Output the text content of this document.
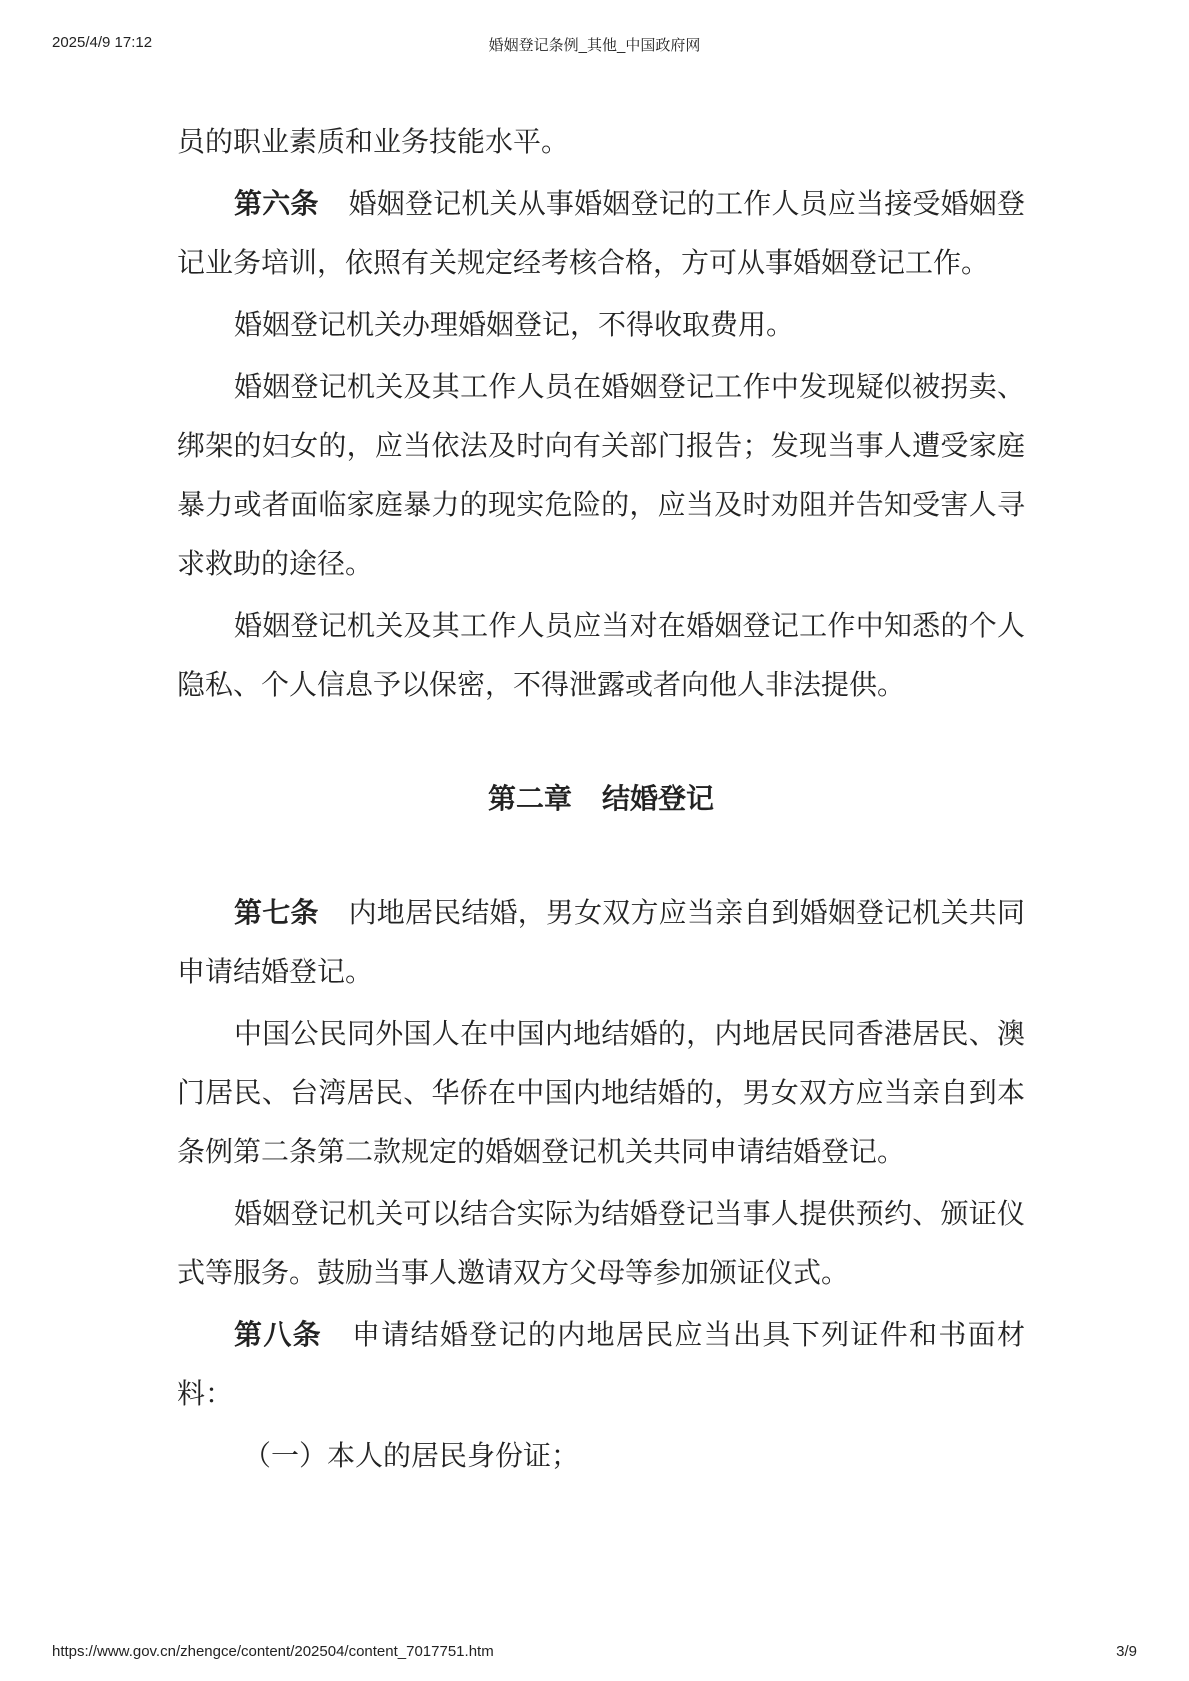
2025/4/9 17:12	婚姻登记条例_其他_中国政府网

员的职业素质和业务技能水平。

第六条 婚姻登记机关从事婚姻登记的工作人员应当接受婚姻登记业务培训，依照有关规定经考核合格，方可从事婚姻登记工作。

婚姻登记机关办理婚姻登记，不得收取费用。

婚姻登记机关及其工作人员在婚姻登记工作中发现疑似被拐卖、绑架的妇女的，应当依法及时向有关部门报告；发现当事人遭受家庭暴力或者面临家庭暴力的现实危险的，应当及时劝阻并告知受害人寻求救助的途径。

婚姻登记机关及其工作人员应当对在婚姻登记工作中知悉的个人隐私、个人信息予以保密，不得泄露或者向他人非法提供。

第二章 结婚登记

第七条 内地居民结婚，男女双方应当亲自到婚姻登记机关共同申请结婚登记。

中国公民同外国人在中国内地结婚的，内地居民同香港居民、澳门居民、台湾居民、华侨在中国内地结婚的，男女双方应当亲自到本条例第二条第二款规定的婚姻登记机关共同申请结婚登记。

婚姻登记机关可以结合实际为结婚登记当事人提供预约、颁证仪式等服务。鼓励当事人邀请双方父母等参加颁证仪式。

第八条 申请结婚登记的内地居民应当出具下列证件和书面材料：

（一）本人的居民身份证；

https://www.gov.cn/zhengce/content/202504/content_7017751.htm	3/9
